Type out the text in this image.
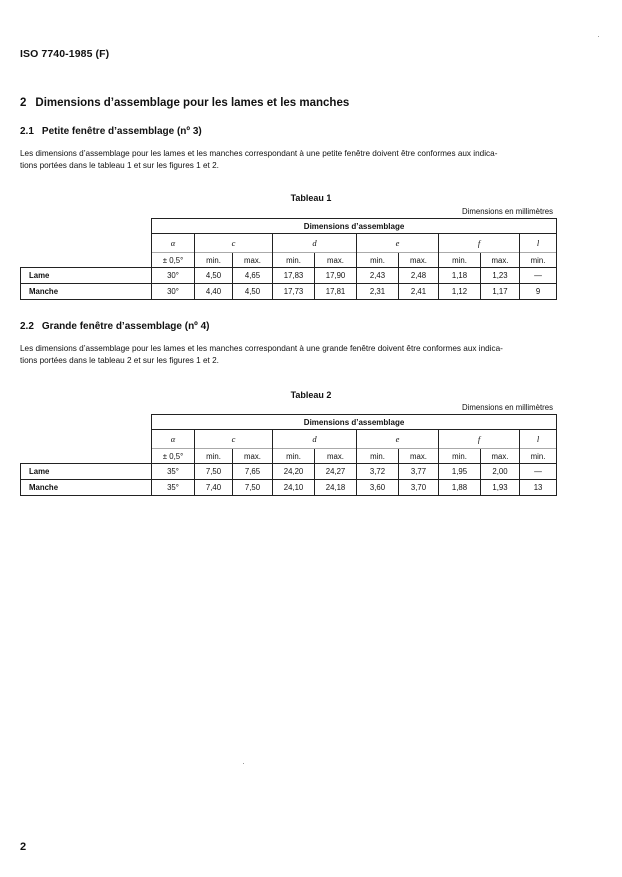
ISO 7740-1985 (F)
2 Dimensions d’assemblage pour les lames et les manches
2.1 Petite fenêtre d’assemblage (nº 3)
Les dimensions d’assemblage pour les lames et les manches correspondant à une petite fenêtre doivent être conformes aux indica-
tions portées dans le tableau 1 et sur les figures 1 et 2.
Tableau 1
Dimensions en millimètres
	Dimensions d’assemblage									
	α	c		d		e		f		l
	± 0,5°	min.	max.	min.	max.	min.	max.	min.	max.	min.
Lame	30°	4,50	4,65	17,83	17,90	2,43	2,48	1,18	1,23	—
Manche	30°	4,40	4,50	17,73	17,81	2,31	2,41	1,12	1,17	9
2.2 Grande fenêtre d’assemblage (nº 4)
Les dimensions d’assemblage pour les lames et les manches correspondant à une grande fenêtre doivent être conformes aux indica-
tions portées dans le tableau 2 et sur les figures 1 et 2.
Tableau 2
Dimensions en millimètres
	Dimensions d’assemblage									
	α	c		d		e		f		l
	± 0,5°	min.	max.	min.	max.	min.	max.	min.	max.	min.
Lame	35°	7,50	7,65	24,20	24,27	3,72	3,77	1,95	2,00	—
Manche	35°	7,40	7,50	24,10	24,18	3,60	3,70	1,88	1,93	13
2
